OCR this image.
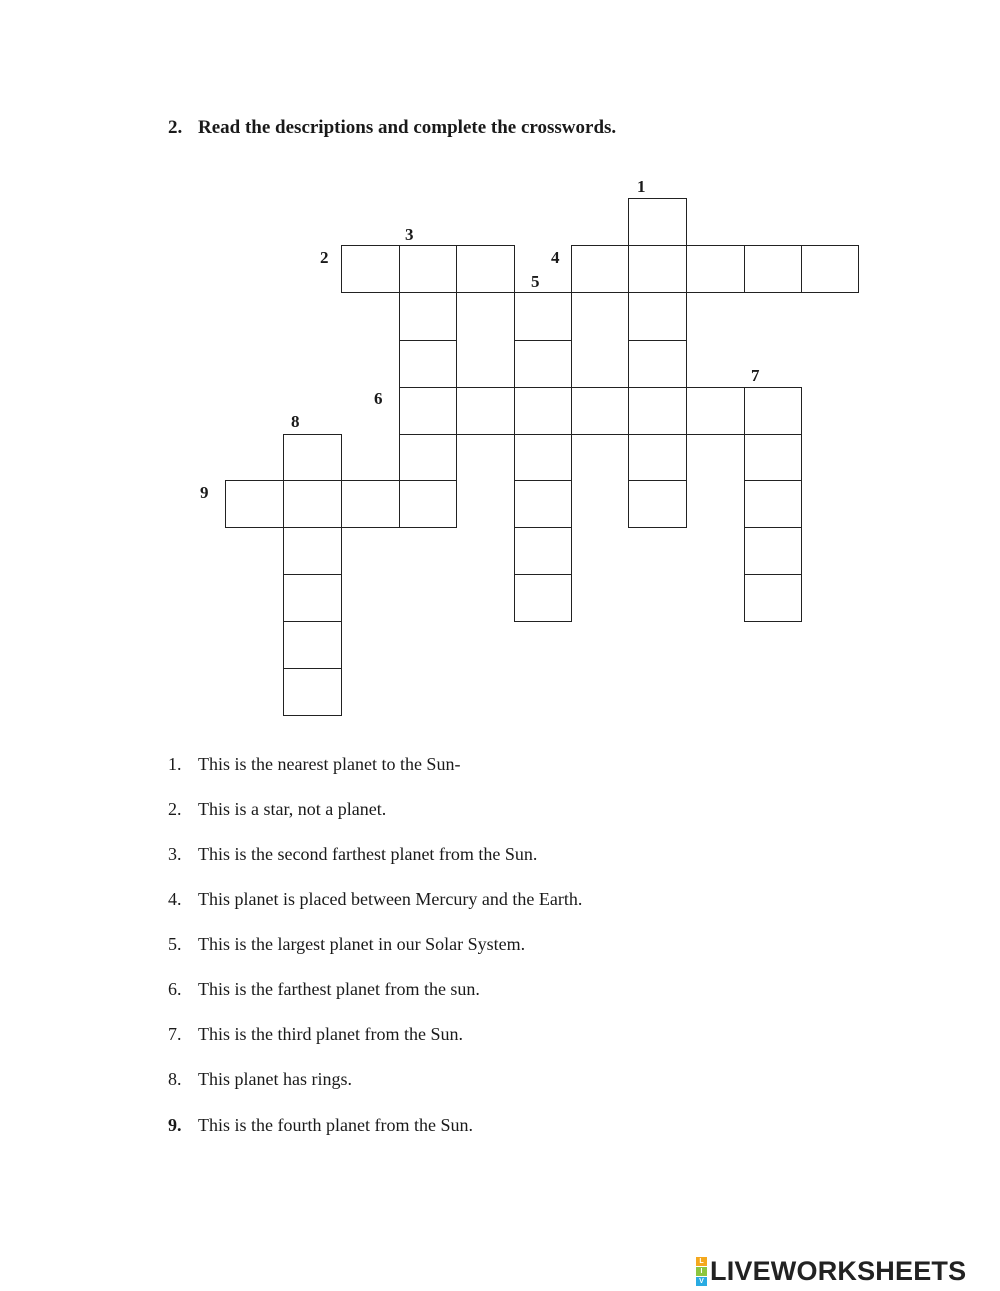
2. Read the descriptions and complete the crosswords.

1
2
3
4
5
6
7
8
9
1. This is the nearest planet to the Sun-
2. This is a star, not a planet.
3. This is the second farthest planet from the Sun.
4. This planet is placed between Mercury and the Earth.
5. This is the largest planet in our Solar System.
6. This is the farthest planet from the sun.
7. This is the third planet from the Sun.
8. This planet has rings.
9. This is the fourth planet from the Sun.
L
I
V LIVEWORKSHEETS
